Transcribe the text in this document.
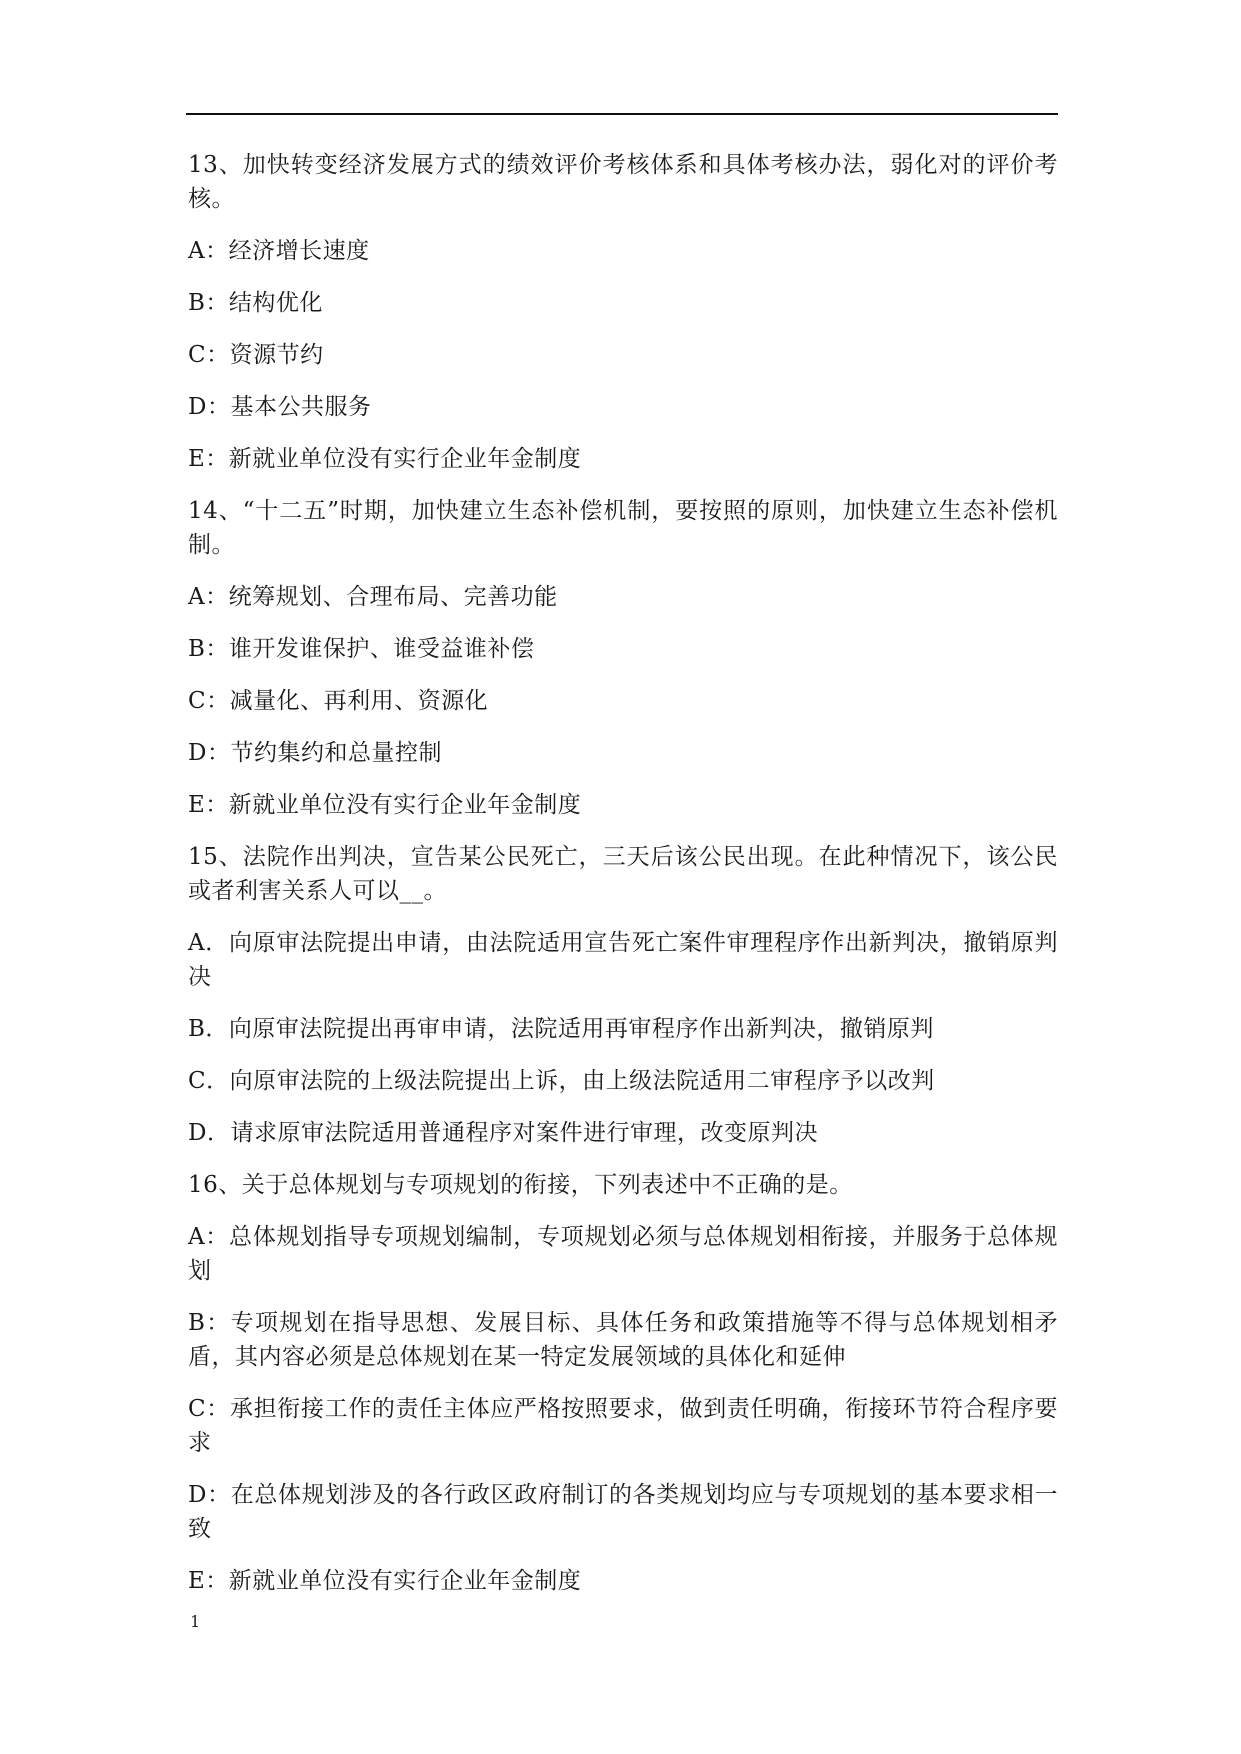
13、加快转变经济发展方式的绩效评价考核体系和具体考核办法，弱化对的评价考核。

A：经济增长速度

B：结构优化

C：资源节约

D：基本公共服务

E：新就业单位没有实行企业年金制度

14、“十二五”时期，加快建立生态补偿机制，要按照的原则，加快建立生态补偿机制。

A：统筹规划、合理布局、完善功能

B：谁开发谁保护、谁受益谁补偿

C：减量化、再利用、资源化

D：节约集约和总量控制

E：新就业单位没有实行企业年金制度

15、法院作出判决，宣告某公民死亡，三天后该公民出现。在此种情况下，该公民或者利害关系人可以__。

A．向原审法院提出申请，由法院适用宣告死亡案件审理程序作出新判决，撤销原判决

B．向原审法院提出再审申请，法院适用再审程序作出新判决，撤销原判

C．向原审法院的上级法院提出上诉，由上级法院适用二审程序予以改判

D．请求原审法院适用普通程序对案件进行审理，改变原判决

16、关于总体规划与专项规划的衔接，下列表述中不正确的是。

A：总体规划指导专项规划编制，专项规划必须与总体规划相衔接，并服务于总体规划

B：专项规划在指导思想、发展目标、具体任务和政策措施等不得与总体规划相矛盾，其内容必须是总体规划在某一特定发展领域的具体化和延伸

C：承担衔接工作的责任主体应严格按照要求，做到责任明确，衔接环节符合程序要求

D：在总体规划涉及的各行政区政府制订的各类规划均应与专项规划的基本要求相一致

E：新就业单位没有实行企业年金制度

1
